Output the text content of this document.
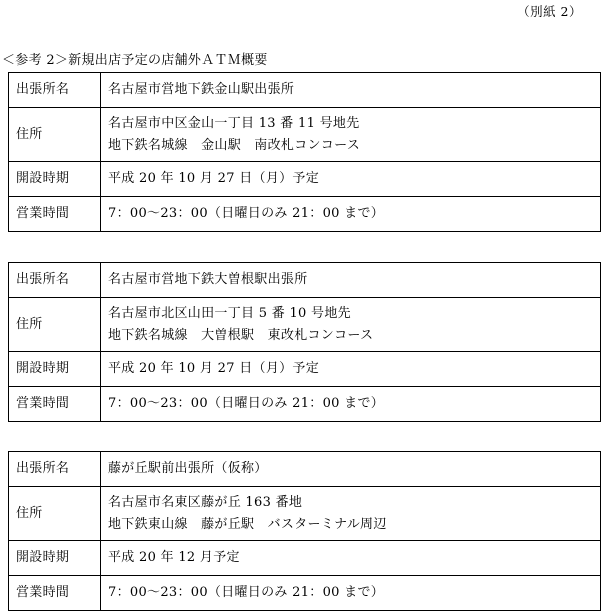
（別紙 2）
＜参考 2＞新規出店予定の店舗外ＡＴＭ概要
出張所名	名古屋市営地下鉄金山駅出張所

住所	名古屋市中区金山一丁目 13 番 11 号地先
地下鉄名城線　金山駅　南改札コンコース

開設時期	平成 20 年 10 月 27 日（月）予定

営業時間	7：00～23：00（日曜日のみ 21：00 まで）
出張所名	名古屋市営地下鉄大曽根駅出張所

住所	名古屋市北区山田一丁目 5 番 10 号地先
地下鉄名城線　大曽根駅　東改札コンコース

開設時期	平成 20 年 10 月 27 日（月）予定

営業時間	7：00～23：00（日曜日のみ 21：00 まで）
出張所名	藤が丘駅前出張所（仮称）

住所	名古屋市名東区藤が丘 163 番地
地下鉄東山線　藤が丘駅　バスターミナル周辺

開設時期	平成 20 年 12 月予定

営業時間	7：00～23：00（日曜日のみ 21：00 まで）
